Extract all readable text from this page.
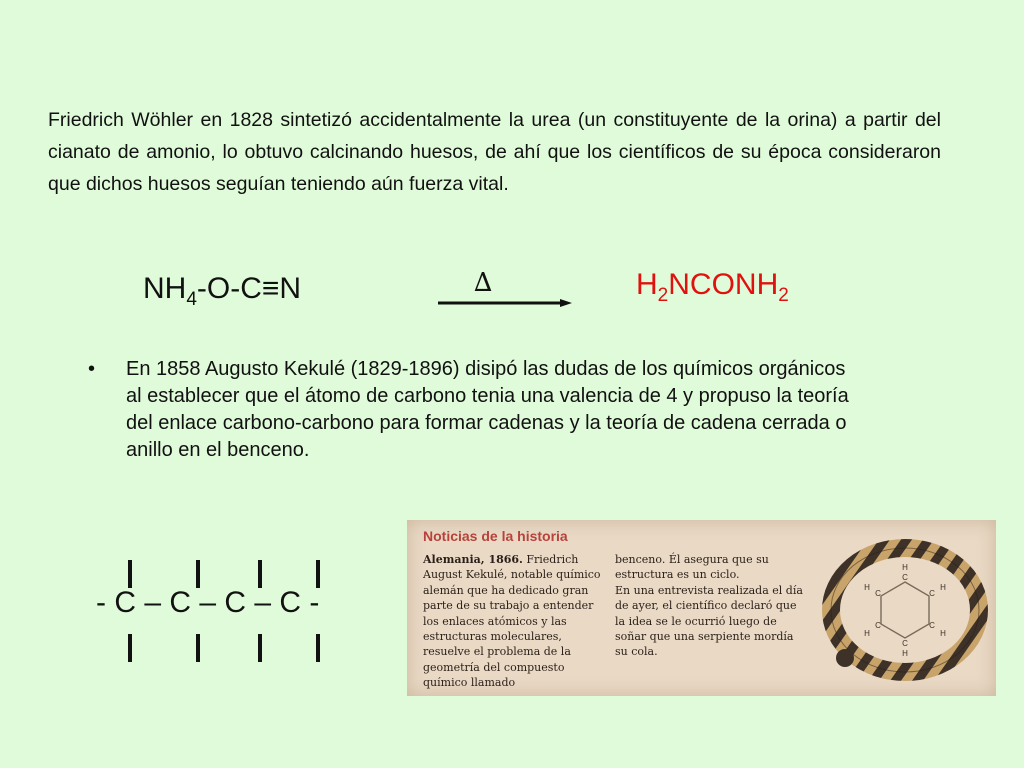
Friedrich Wöhler en 1828 sintetizó accidentalmente la urea (un constituyente de la orina) a partir del cianato de amonio, lo obtuvo calcinando huesos, de ahí que los científicos de su época consideraron que dichos huesos seguían teniendo aún fuerza vital.

$NH_4-O-C\equiv N$	∆	$H_2NCONH_2$
•	En 1858 Augusto Kekulé (1829-1896) disipó las dudas de los químicos orgánicos al establecer que el átomo de carbono tenia una valencia de 4 y propuso la teoría del enlace carbono-carbono para formar cadenas y la teoría de cadena cerrada o anillo en el benceno.
- C – C – C – C -
Noticias de la historia
Alemania, 1866. Friedrich August Kekulé, notable químico alemán que ha dedicado gran parte de su trabajo a entender los enlaces atómicos y las estructuras moleculares, resuelve el problema de la geometría del compuesto químico llamado
benceno. Él asegura que su estructura es un ciclo.
En una entrevista realizada el día de ayer, el científico declaró que la idea se le ocurrió luego de soñar que una serpiente mordía su cola.
C
H
C
H
C
H
C
H
C
H
C
H
